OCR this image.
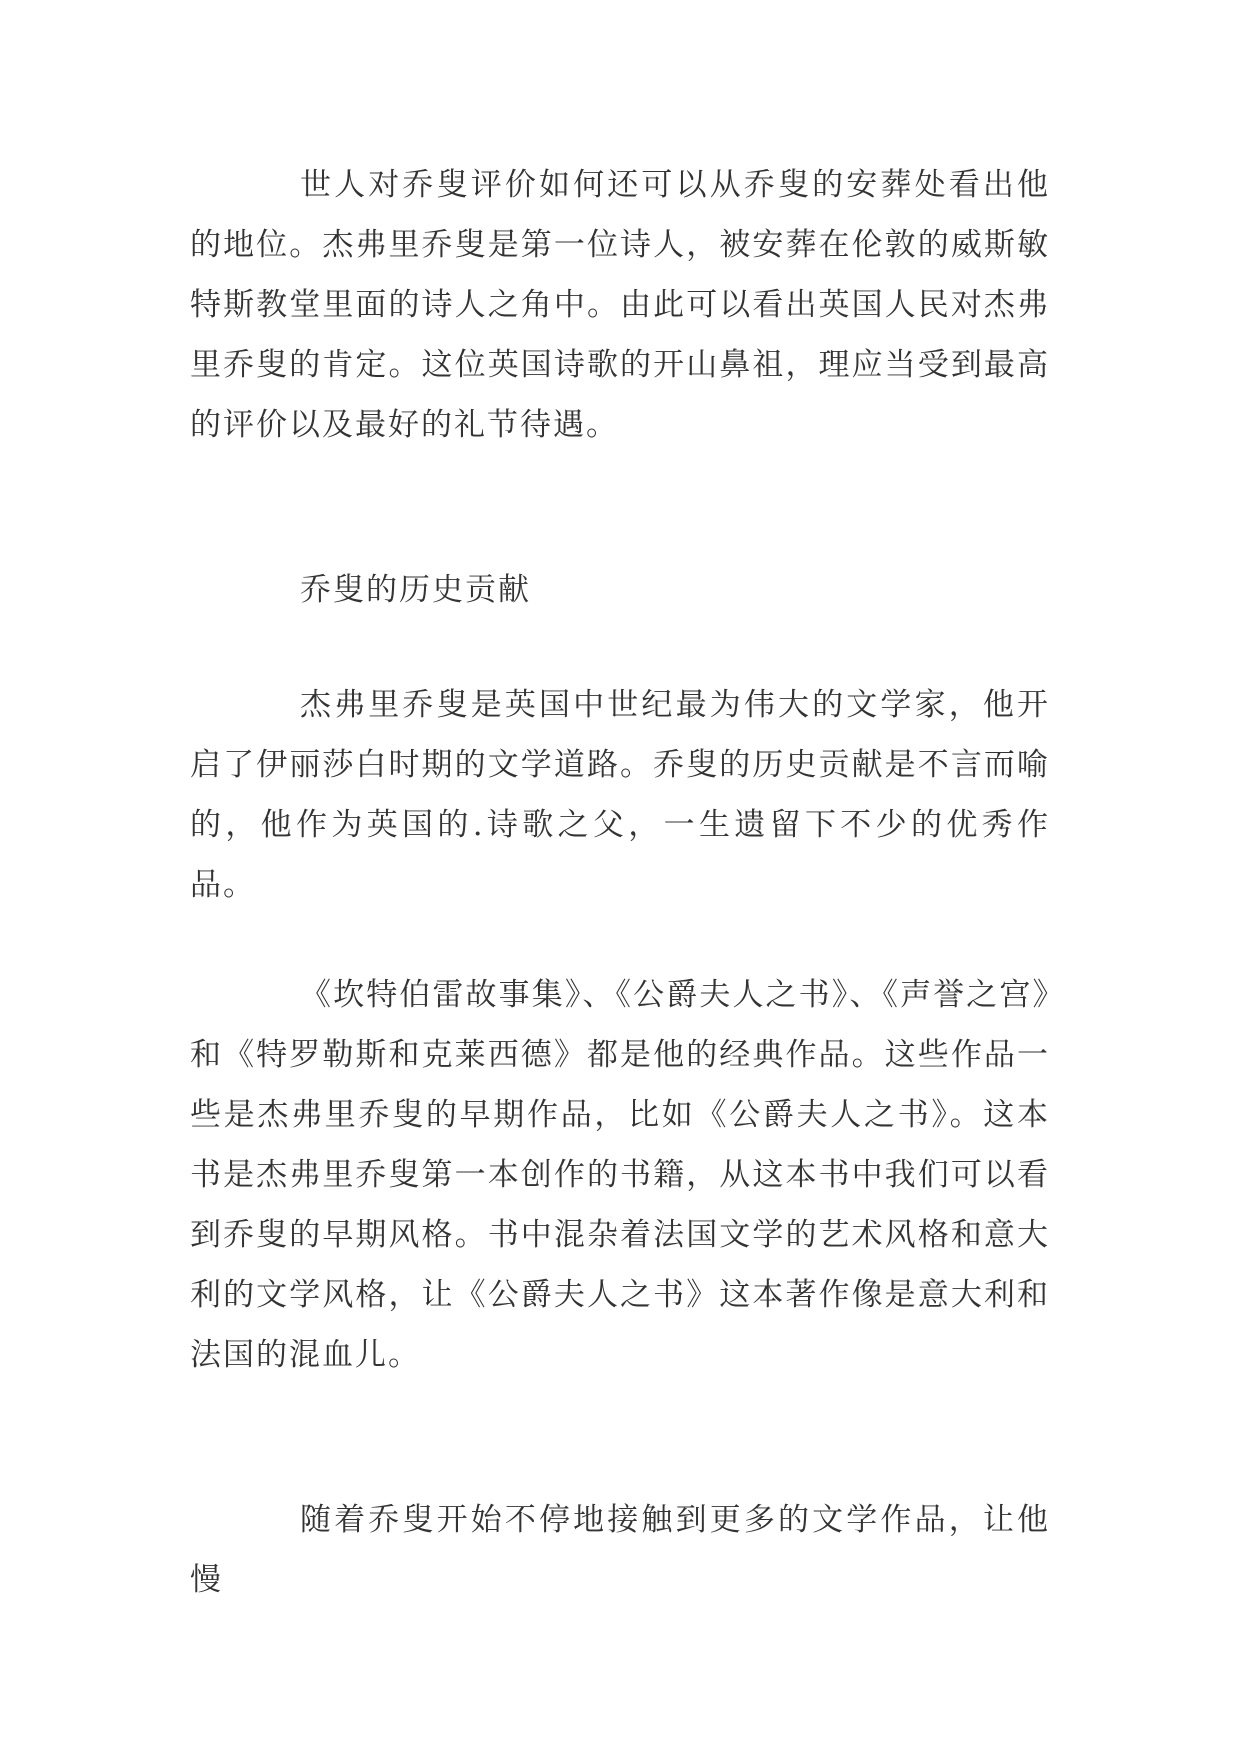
世人对乔叟评价如何还可以从乔叟的安葬处看出他的地位。杰弗里乔叟是第一位诗人，被安葬在伦敦的威斯敏特斯教堂里面的诗人之角中。由此可以看出英国人民对杰弗里乔叟的肯定。这位英国诗歌的开山鼻祖，理应当受到最高的评价以及最好的礼节待遇。

乔叟的历史贡献

杰弗里乔叟是英国中世纪最为伟大的文学家，他开启了伊丽莎白时期的文学道路。乔叟的历史贡献是不言而喻的，他作为英国的.诗歌之父，一生遗留下不少的优秀作品。

《坎特伯雷故事集》、《公爵夫人之书》、《声誉之宫》和《特罗勒斯和克莱西德》都是他的经典作品。这些作品一些是杰弗里乔叟的早期作品，比如《公爵夫人之书》。这本书是杰弗里乔叟第一本创作的书籍，从这本书中我们可以看到乔叟的早期风格。书中混杂着法国文学的艺术风格和意大利的文学风格，让《公爵夫人之书》这本著作像是意大利和法国的混血儿。

随着乔叟开始不停地接触到更多的文学作品，让他慢
